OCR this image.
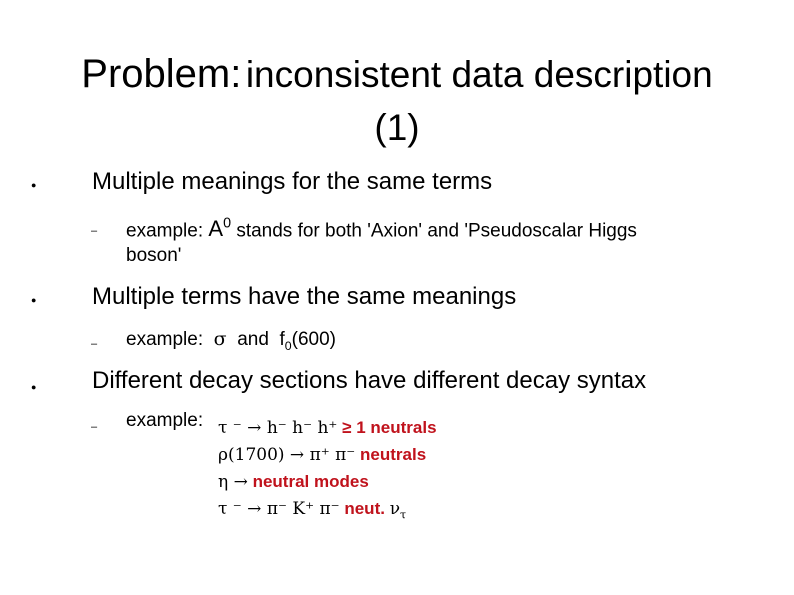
Problem: inconsistent data description
(1)
● Multiple meanings for the same terms
– example: $A^0$ stands for both 'Axion' and 'Pseudoscalar Higgs
boson'
● Multiple terms have the same meanings
– example: σ and $f_0(600)$
● Different decay sections have different decay syntax
– example: τ ⁻ → h⁻ h⁻ h⁺ ≥ 1 neutrals
ρ(1700) → π⁺ π⁻ neutrals
η → neutral modes
τ ⁻ → π⁻ K⁺ π⁻ neut. $\nu_\tau$
